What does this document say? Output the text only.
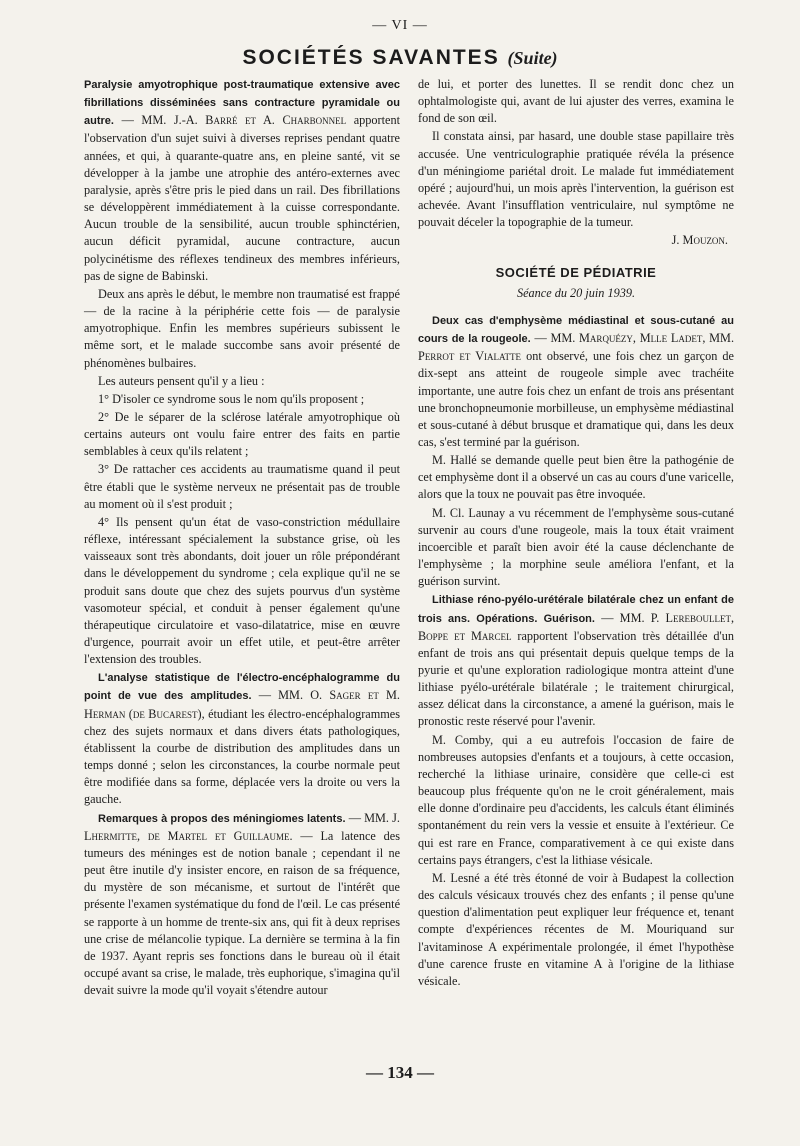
— VI —
SOCIÉTÉS SAVANTES (Suite)

Paralysie amyotrophique post-traumatique extensive avec fibrillations disséminées sans contracture pyramidale ou autre. — MM. J.-A. Barré et A. Charbonnel apportent l'observation d'un sujet suivi à diverses reprises pendant quatre années, et qui, à quarante-quatre ans, en pleine santé, vit se développer à la jambe une atrophie des antéro-externes avec paralysie, après s'être pris le pied dans un rail. Des fibrillations se développèrent immédiatement à la cuisse correspondante. Aucun trouble de la sensibilité, aucun trouble sphinctérien, aucun déficit pyramidal, aucune contracture, aucun polycinétisme des réflexes tendineux des membres inférieurs, pas de signe de Babinski.

Deux ans après le début, le membre non traumatisé est frappé — de la racine à la périphérie cette fois — de paralysie amyotrophique. Enfin les membres supérieurs subissent le même sort, et le malade succombe sans avoir présenté de phénomènes bulbaires.

Les auteurs pensent qu'il y a lieu :

1° D'isoler ce syndrome sous le nom qu'ils proposent ;

2° De le séparer de la sclérose latérale amyotrophique où certains auteurs ont voulu faire entrer des faits en partie semblables à ceux qu'ils relatent ;

3° De rattacher ces accidents au traumatisme quand il peut être établi que le système nerveux ne présentait pas de trouble au moment où il s'est produit ;

4° Ils pensent qu'un état de vaso-constriction médullaire réflexe, intéressant spécialement la substance grise, où les vaisseaux sont très abondants, doit jouer un rôle prépondérant dans le développement du syndrome ; cela explique qu'il ne se produit sans doute que chez des sujets pourvus d'un système vasomoteur spécial, et conduit à penser également qu'une thérapeutique circulatoire et vaso-dilatatrice, mise en œuvre d'urgence, pourrait avoir un effet utile, et peut-être arrêter l'extension des troubles.

L'analyse statistique de l'électro-encéphalogramme du point de vue des amplitudes. — MM. O. Sager et M. Herman (de Bucarest), étudiant les électro-encéphalogrammes chez des sujets normaux et dans divers états pathologiques, établissent la courbe de distribution des amplitudes dans un temps donné ; selon les circonstances, la courbe normale peut être modifiée dans sa forme, déplacée vers la droite ou vers la gauche.

Remarques à propos des méningiomes latents. — MM. J. Lhermitte, de Martel et Guillaume. — La latence des tumeurs des méninges est de notion banale ; cependant il ne peut être inutile d'y insister encore, en raison de sa fréquence, du mystère de son mécanisme, et surtout de l'intérêt que présente l'examen systématique du fond de l'œil. Le cas présenté se rapporte à un homme de trente-six ans, qui fit à deux reprises une crise de mélancolie typique. La dernière se termina à la fin de 1937. Ayant repris ses fonctions dans le bureau où il était occupé avant sa crise, le malade, très euphorique, s'imagina qu'il devait suivre la mode qu'il voyait s'étendre autour

de lui, et porter des lunettes. Il se rendit donc chez un ophtalmologiste qui, avant de lui ajuster des verres, examina le fond de son œil.

Il constata ainsi, par hasard, une double stase papillaire très accusée. Une ventriculographie pratiquée révéla la présence d'un méningiome pariétal droit. Le malade fut immédiatement opéré ; aujourd'hui, un mois après l'intervention, la guérison est achevée. Avant l'insufflation ventriculaire, nul symptôme ne pouvait déceler la topographie de la tumeur.

J. Mouzon.

SOCIÉTÉ DE PÉDIATRIE

Séance du 20 juin 1939.

Deux cas d'emphysème médiastinal et sous-cutané au cours de la rougeole. — MM. Marquézy, Mlle Ladet, MM. Perrot et Vialatte ont observé, une fois chez un garçon de dix-sept ans atteint de rougeole simple avec trachéite importante, une autre fois chez un enfant de trois ans présentant une bronchopneumonie morbilleuse, un emphysème médiastinal et sous-cutané à début brusque et dramatique qui, dans les deux cas, s'est terminé par la guérison.

M. Hallé se demande quelle peut bien être la pathogénie de cet emphysème dont il a observé un cas au cours d'une varicelle, alors que la toux ne pouvait pas être invoquée.

M. Cl. Launay a vu récemment de l'emphysème sous-cutané survenir au cours d'une rougeole, mais la toux était vraiment incoercible et paraît bien avoir été la cause déclenchante de l'emphysème ; la morphine seule améliora l'enfant, et la guérison survint.

Lithiase réno-pyélo-urétérale bilatérale chez un enfant de trois ans. Opérations. Guérison. — MM. P. Lereboullet, Boppe et Marcel rapportent l'observation très détaillée d'un enfant de trois ans qui présentait depuis quelque temps de la pyurie et qu'une exploration radiologique montra atteint d'une lithiase pyélo-urétérale bilatérale ; le traitement chirurgical, assez délicat dans la circonstance, a amené la guérison, mais le pronostic reste réservé pour l'avenir.

M. Comby, qui a eu autrefois l'occasion de faire de nombreuses autopsies d'enfants et a toujours, à cette occasion, recherché la lithiase urinaire, considère que celle-ci est beaucoup plus fréquente qu'on ne le croit généralement, mais elle donne d'ordinaire peu d'accidents, les calculs étant éliminés spontanément du rein vers la vessie et ensuite à l'extérieur. Ce qui est rare en France, comparativement à ce qui existe dans certains pays étrangers, c'est la lithiase vésicale.

M. Lesné a été très étonné de voir à Budapest la collection des calculs vésicaux trouvés chez des enfants ; il pense qu'une question d'alimentation peut expliquer leur fréquence et, tenant compte d'expériences récentes de M. Mouriquand sur l'avitaminose A expérimentale prolongée, il émet l'hypothèse d'une carence fruste en vitamine A à l'origine de la lithiase vésicale.

— 134 —
